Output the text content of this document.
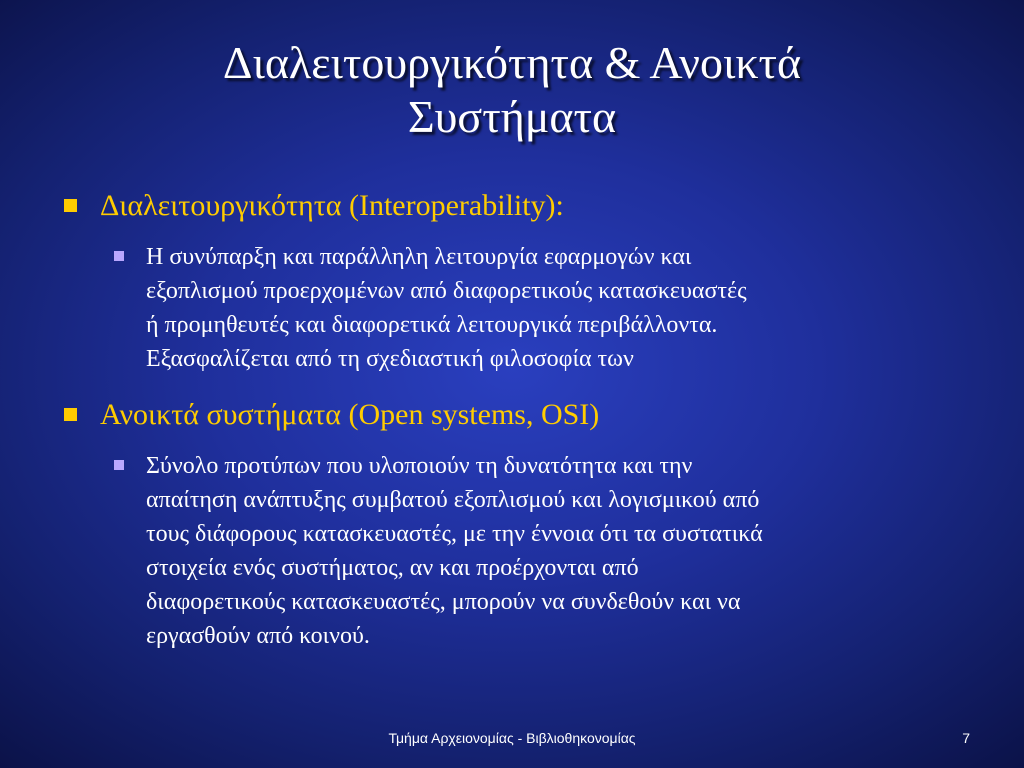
Διαλειτουργικότητα & Ανοικτά
Συστήματα
Διαλειτουργικότητα (Interoperability):
Η συνύπαρξη και παράλληλη λειτουργία εφαρμογών και
εξοπλισμού προερχομένων από διαφορετικούς κατασκευαστές
ή προμηθευτές και διαφορετικά λειτουργικά περιβάλλοντα.
Εξασφαλίζεται από τη σχεδιαστική φιλοσοφία των
Ανοικτά συστήματα (Open systems, OSI)
Σύνολο προτύπων που υλοποιούν τη δυνατότητα και την
απαίτηση ανάπτυξης συμβατού εξοπλισμού και λογισμικού από
τους διάφορους κατασκευαστές, με την έννοια ότι τα συστατικά
στοιχεία ενός συστήματος, αν και προέρχονται από
διαφορετικούς κατασκευαστές, μπορούν να συνδεθούν και να
εργασθούν από κοινού.
Τμήμα Αρχειονομίας - Βιβλιοθηκονομίας	7
